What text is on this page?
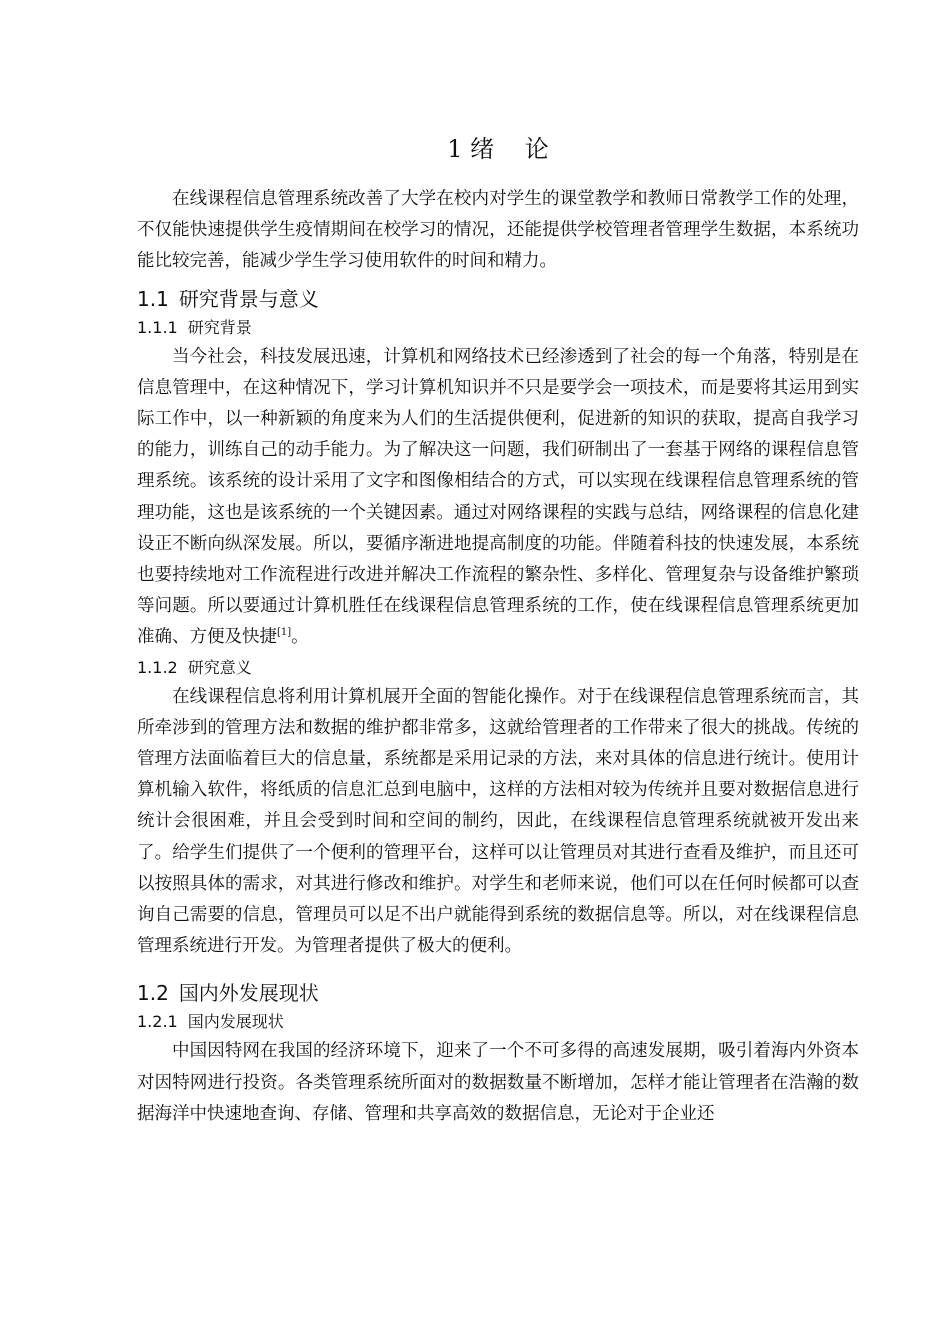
1 绪    论

在线课程信息管理系统改善了大学在校内对学生的课堂教学和教师日常教学工作的处理，不仅能快速提供学生疫情期间在校学习的情况，还能提供学校管理者管理学生数据，本系统功能比较完善，能减少学生学习使用软件的时间和精力。

1.1 研究背景与意义
1.1.1 研究背景

当今社会，科技发展迅速，计算机和网络技术已经渗透到了社会的每一个角落，特别是在信息管理中，在这种情况下，学习计算机知识并不只是要学会一项技术，而是要将其运用到实际工作中，以一种新颖的角度来为人们的生活提供便利，促进新的知识的获取，提高自我学习的能力，训练自己的动手能力。为了解决这一问题，我们研制出了一套基于网络的课程信息管理系统。该系统的设计采用了文字和图像相结合的方式，可以实现在线课程信息管理系统的管理功能，这也是该系统的一个关键因素。通过对网络课程的实践与总结，网络课程的信息化建设正不断向纵深发展。所以，要循序渐进地提高制度的功能。伴随着科技的快速发展，本系统也要持续地对工作流程进行改进并解决工作流程的繁杂性、多样化、管理复杂与设备维护繁琐等问题。所以要通过计算机胜任在线课程信息管理系统的工作，使在线课程信息管理系统更加准确、方便及快捷[1]。

1.1.2 研究意义

在线课程信息将利用计算机展开全面的智能化操作。对于在线课程信息管理系统而言，其所牵涉到的管理方法和数据的维护都非常多，这就给管理者的工作带来了很大的挑战。传统的管理方法面临着巨大的信息量，系统都是采用记录的方法，来对具体的信息进行统计。使用计算机输入软件，将纸质的信息汇总到电脑中，这样的方法相对较为传统并且要对数据信息进行统计会很困难，并且会受到时间和空间的制约，因此，在线课程信息管理系统就被开发出来了。给学生们提供了一个便利的管理平台，这样可以让管理员对其进行查看及维护，而且还可以按照具体的需求，对其进行修改和维护。对学生和老师来说，他们可以在任何时候都可以查询自己需要的信息，管理员可以足不出户就能得到系统的数据信息等。所以，对在线课程信息管理系统进行开发。为管理者提供了极大的便利。

1.2 国内外发展现状
1.2.1 国内发展现状

中国因特网在我国的经济环境下，迎来了一个不可多得的高速发展期，吸引着海内外资本对因特网进行投资。各类管理系统所面对的数据数量不断增加，怎样才能让管理者在浩瀚的数据海洋中快速地查询、存储、管理和共享高效的数据信息，无论对于企业还
